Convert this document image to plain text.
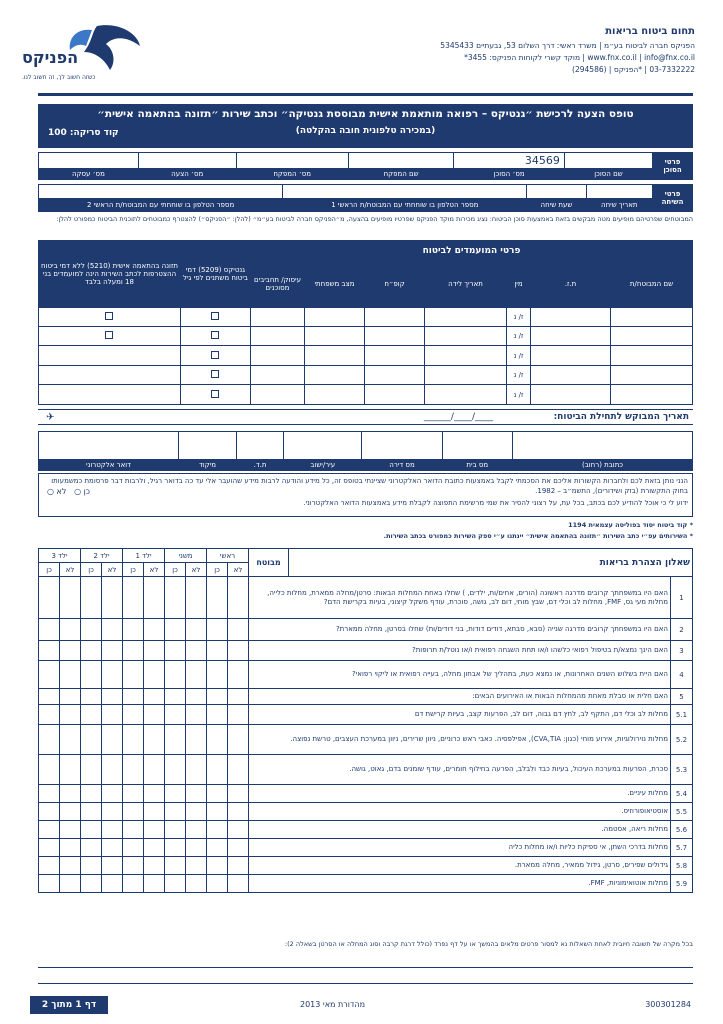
תחום ביטוח בריאות
הפניקס חברה לביטוח בע״מ | משרד ראשי: דרך השלום 53, גבעתיים 5345433
www.fnx.co.il | info@fnx.co.il | מוקד קשרי לקוחות הפניקס: 3455*
03-7332222 | *הפניקס | (294586)
הפניקס
כשזה חשוב לך, זה חשוב לנו.
טופס הצעה לרכישת ״גנטיקס – רפואה מותאמת אישית מבוססת גנטיקה״ וכתב שירות ״תזונה בהתאמה אישית״
(במכירה טלפונית חובה בהקלטה)
קוד סריקה: 100
פרטי הסוכן		34569				
	שם הסוכן	מס׳ הסוכן	שם המפקח	מס׳ המפקח	מס׳ הצעה	מס׳ עסקה
פרטי השיחה				
	תאריך שיחה	שעת שיחה	מספר הטלפון בו שוחחתי עם המבוטח/ת הראשי 1	מספר הטלפון בו שוחחתי עם המבוטח/ת הראשי 2
המבוטחים שפרטיהם מופיעים מטה מבקשים בזאת באמצעות סוכן הביטוח: נציג מכירות מוקד הפניקס שפרטיו מופיעים בהצעה, מ״הפניקס חברה לביטוח בע״מ״ (להלן: ״הפניקס״) להצטרף כמבוטחים לתוכנית הביטוח כמפורט להלן:
פרטי המועמדים לביטוח							גנטיקס (5209) דמי ביטוח משתנים לפי גיל	תזונה בהתאמה אישית (5210) ללא דמי ביטוח ההצטרפות לכתב השירות הינה למועמדים בני 18 ומעלה בלבד
שם המבוטח/ת	ת.ז.	מין	תאריך לידה	קופ״ח	מצב משפחתי	עיסוק/ תחביבים מסוכנים		
		ז/ נ						
		ז/ נ						
		ז/ נ						
		ז/ נ						
		ז/ נ						
תאריך המבוקש לתחילת הביטוח:
____/____/______
✈

כתובת (רחוב)	מס בית	מס דירה	עיר/ישוב	ת.ד.	מיקוד	דואר אלקטרוני
הנני נותן בזאת לכם ולחברות הקשורות אליכם את הסכמתי לקבל באמצעות כתובת הדואר האלקטרוני שציינתי בטופס זה, כל מידע והודעה לרבות מידע שהועבר אלי עד כה בדואר רגיל, ולרבות דבר פרסומת כמשמעותו בחוק התקשורת (בזק ושידורים), התשמ״ב – 1982.
כן ○   לא ○
ידוע לי כי אוכל להודיע לכם בכתב, בכל עת, על רצוני להסיר את שמי מרשימת התפוצה לקבלת מידע באמצעות הדואר האלקטרוני.
* קוד ביטוח יסוד בפוליסה עצמאית 1194
* השירותים עפ״י כתב השירות ״תזונה בהתאמה אישית״ יינתנו ע״י ספק השירות כמפורט בכתב השירות.
שאלון הצהרת בריאות		מבוטח	ראשי		משני		ילד 1		ילד 2		ילד 3	
			לא	כן	לא	כן	לא	כן	לא	כן	לא	כן
1	האם היו במשפחתך קרובים מדרגה ראשונה (הורים, אחים/ות, ילדים, ) שחלו באחת המחלות הבאות: סרטן/מחלה ממארת, מחלות כלייה, מחלות מעי גס, FMF, מחלות לב וכלי דם, שבץ מוחי, דום לב, גושה, סוכרת, עודף משקל קיצוני, בעיות בקרישת הדם?											
2	האם היו במשפחתך קרובים מדרגה שנייה (סבא, סבתא, דודים דודות, בני דודים/ות) שחלו בסרטן, מחלה ממארת?											
3	האם הינך נמצא/ת בטיפול רפואי כלשהו ו/או תחת השגחה רפואית ו/או נוטל/ת תרופות?											
4	האם היית בשלוש השנים האחרונות, או נמצא כעת, בתהליך של אבחון מחלה, בעייה רפואית או ליקוי רפואי?											
5	האם חלית או סבלת מאחת מהמחלות הבאות או האירועים הבאים:											
5.1	מחלות לב וכלי דם, התקף לב, לחץ דם גבוה, דום לב, הפרעות קצב, בעיות קרישת דם											
5.2	מחלות נוירולוגיות, אירוע מוחי (כגון: CVA,TIA), אפילפסיה. כאבי ראש כרוניים, ניוון שרירים, ניוון במערכת העצבים, טרשת נפוצה.											
5.3	סכרת, הפרעות במערכת העיכול, בעיות כבד ולבלב, הפרעה בחילוף חומרים, עודף שומנים בדם, גאוט, גושה.											
5.4	מחלות עיניים.											
5.5	אוסטיאופורוזיס.											
5.6	מחלות ריאה, אסטמה.											
5.7	מחלות בדרכי השתן, אי ספיקת כליות ו/או מחלות כליה											
5.8	גידולים שפירים, סרטן, גידול ממאיר, מחלה ממארת.											
5.9	מחלות אוטואימוניות, FMF.											
בכל מקרה של תשובה חיובית לאחת השאלות נא למסור פרטים מלאים בהמשך או על דף נפרד (כולל דרגת קרבה וסוג המחלה או הסרטן בשאלה 2):
דף 1 מתוך 2	מהדורת מאי 2013	300301284
